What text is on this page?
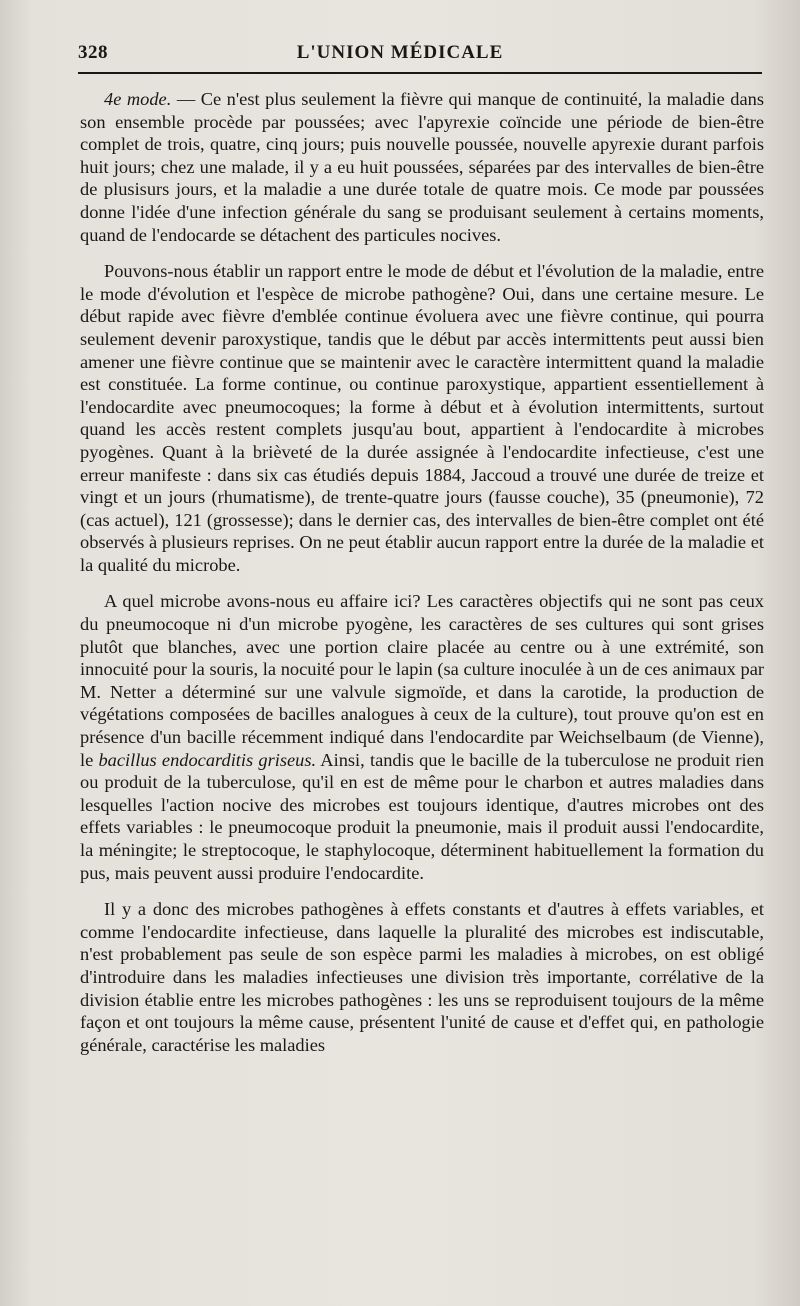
328	L'UNION MÉDICALE

4e mode. — Ce n'est plus seulement la fièvre qui manque de continuité, la maladie dans son ensemble procède par poussées; avec l'apyrexie coïncide une période de bien-être complet de trois, quatre, cinq jours; puis nouvelle poussée, nouvelle apyrexie durant parfois huit jours; chez une malade, il y a eu huit poussées, séparées par des intervalles de bien-être de plusisurs jours, et la maladie a une durée totale de quatre mois. Ce mode par poussées donne l'idée d'une infection générale du sang se produisant seulement à certains moments, quand de l'endocarde se détachent des particules nocives.

Pouvons-nous établir un rapport entre le mode de début et l'évolution de la maladie, entre le mode d'évolution et l'espèce de microbe pathogène? Oui, dans une certaine mesure. Le début rapide avec fièvre d'emblée continue évoluera avec une fièvre continue, qui pourra seulement devenir paroxystique, tandis que le début par accès intermittents peut aussi bien amener une fièvre continue que se maintenir avec le caractère intermittent quand la maladie est constituée. La forme continue, ou continue paroxystique, appartient essentiellement à l'endocardite avec pneumocoques; la forme à début et à évolution intermittents, surtout quand les accès restent complets jusqu'au bout, appartient à l'endocardite à microbes pyogènes. Quant à la brièveté de la durée assignée à l'endocardite infectieuse, c'est une erreur manifeste : dans six cas étudiés depuis 1884, Jaccoud a trouvé une durée de treize et vingt et un jours (rhumatisme), de trente-quatre jours (fausse couche), 35 (pneumonie), 72 (cas actuel), 121 (grossesse); dans le dernier cas, des intervalles de bien-être complet ont été observés à plusieurs reprises. On ne peut établir aucun rapport entre la durée de la maladie et la qualité du microbe.

A quel microbe avons-nous eu affaire ici? Les caractères objectifs qui ne sont pas ceux du pneumocoque ni d'un microbe pyogène, les caractères de ses cultures qui sont grises plutôt que blanches, avec une portion claire placée au centre ou à une extrémité, son innocuité pour la souris, la nocuité pour le lapin (sa culture inoculée à un de ces animaux par M. Netter a déterminé sur une valvule sigmoïde, et dans la carotide, la production de végétations composées de bacilles analogues à ceux de la culture), tout prouve qu'on est en présence d'un bacille récemment indiqué dans l'endocardite par Weichselbaum (de Vienne), le bacillus endocarditis griseus. Ainsi, tandis que le bacille de la tuberculose ne produit rien ou produit de la tuberculose, qu'il en est de même pour le charbon et autres maladies dans lesquelles l'action nocive des microbes est toujours identique, d'autres microbes ont des effets variables : le pneumocoque produit la pneumonie, mais il produit aussi l'endocardite, la méningite; le streptocoque, le staphylocoque, déterminent habituellement la formation du pus, mais peuvent aussi produire l'endocardite.

Il y a donc des microbes pathogènes à effets constants et d'autres à effets variables, et comme l'endocardite infectieuse, dans laquelle la pluralité des microbes est indiscutable, n'est probablement pas seule de son espèce parmi les maladies à microbes, on est obligé d'introduire dans les maladies infectieuses une division très importante, corrélative de la division établie entre les microbes pathogènes : les uns se reproduisent toujours de la même façon et ont toujours la même cause, présentent l'unité de cause et d'effet qui, en pathologie générale, caractérise les maladies
